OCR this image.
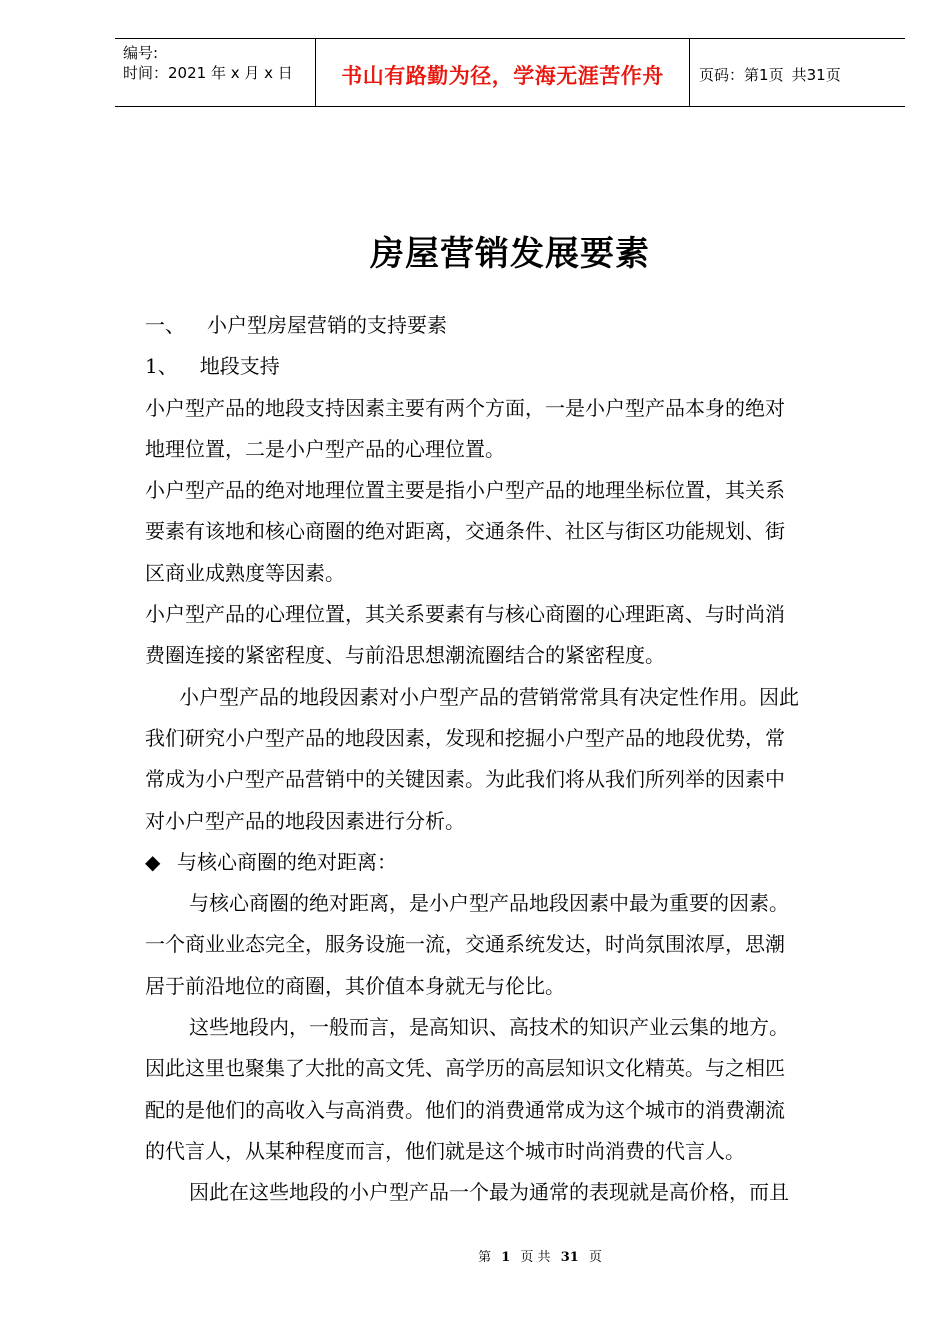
编号:
时间：2021 年 x 月 x 日	书山有路勤为径，学海无涯苦作舟 页码：第 1 页 共 31 页
房屋营销发展要素

一、 小户型房屋营销的支持要素

1、 地段支持

小户型产品的地段支持因素主要有两个方面，一是小户型产品本身的绝对

地理位置，二是小户型产品的心理位置。

小户型产品的绝对地理位置主要是指小户型产品的地理坐标位置，其关系

要素有该地和核心商圈的绝对距离，交通条件、社区与街区功能规划、街

区商业成熟度等因素。

小户型产品的心理位置，其关系要素有与核心商圈的心理距离、与时尚消

费圈连接的紧密程度、与前沿思想潮流圈结合的紧密程度。

小户型产品的地段因素对小户型产品的营销常常具有决定性作用。因此

我们研究小户型产品的地段因素，发现和挖掘小户型产品的地段优势，常

常成为小户型产品营销中的关键因素。为此我们将从我们所列举的因素中

对小户型产品的地段因素进行分析。

◆ 与核心商圈的绝对距离：

与核心商圈的绝对距离，是小户型产品地段因素中最为重要的因素。

一个商业业态完全，服务设施一流，交通系统发达，时尚氛围浓厚，思潮

居于前沿地位的商圈，其价值本身就无与伦比。

这些地段内，一般而言，是高知识、高技术的知识产业云集的地方。

因此这里也聚集了大批的高文凭、高学历的高层知识文化精英。与之相匹

配的是他们的高收入与高消费。他们的消费通常成为这个城市的消费潮流

的代言人，从某种程度而言，他们就是这个城市时尚消费的代言人。

因此在这些地段的小户型产品一个最为通常的表现就是高价格，而且

第 1 页 共 31 页
